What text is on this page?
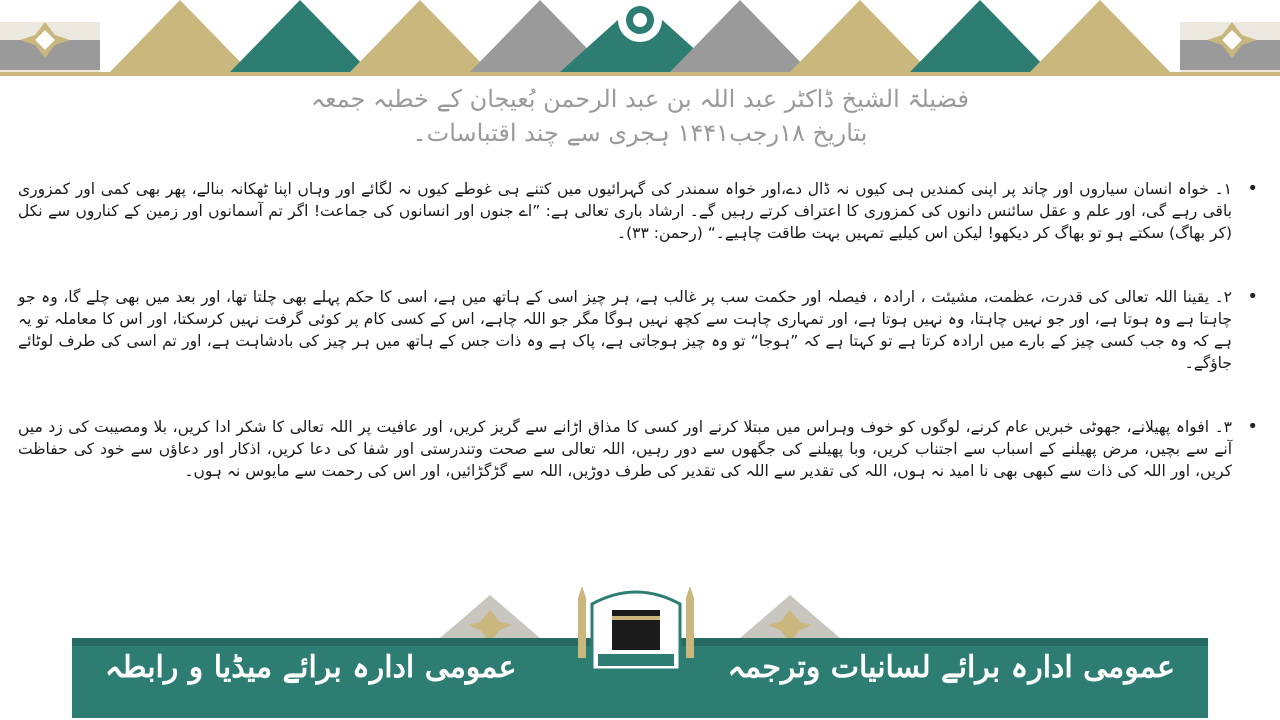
فضیلۃ الشیخ ڈاکٹر عبد اللہ بن عبد الرحمن بُعیجان کے خطبہ جمعہ
بتاریخ ۱۸رجب۱۴۴۱ ہجری سے چند اقتباسات۔
•
۱۔ خواہ انسان سیاروں اور چاند پر اپنی کمندیں ہی کیوں نہ ڈال دے،اور خواہ سمندر کی گہرائیوں میں کتنے ہی غوطے کیوں نہ لگائے اور وہاں اپنا ٹھکانہ بنالے، پھر بھی کمی اور کمزوری باقی رہے گی، اور علم و عقل سائنس دانوں کی کمزوری کا اعتراف کرتے رہیں گے۔ ارشاد باری تعالی ہے: ”اے جنوں اور انسانوں کی جماعت! اگر تم آسمانوں اور زمین کے کناروں سے نکل (کر بھاگ) سکتے ہو تو بھاگ کر دیکھو! لیکن اس کیلیے تمہیں بہت طاقت چاہیے۔“ (رحمن: ۳۳)۔
•
۲۔ یقینا اللہ تعالی کی قدرت، عظمت، مشیئت ، ارادہ ، فیصلہ اور حکمت سب پر غالب ہے، ہر چیز اسی کے ہاتھ میں ہے، اسی کا حکم پہلے بھی چلتا تھا، اور بعد میں بھی چلے گا، وہ جو چاہتا ہے وہ ہوتا ہے، اور جو نہیں چاہتا، وہ نہیں ہوتا ہے، اور تمہاری چاہت سے کچھ نہیں ہوگا مگر جو اللہ چاہے، اس کے کسی کام پر کوئی گرفت نہیں کرسکتا، اور اس کا معاملہ تو یہ ہے کہ وہ جب کسی چیز کے بارے میں ارادہ کرتا ہے تو کہتا ہے کہ ”ہوجا“ تو وہ چیز ہوجاتی ہے، پاک ہے وہ ذات جس کے ہاتھ میں ہر چیز کی بادشاہت ہے، اور تم اسی کی طرف لوٹائے جاؤگے۔
•
۳۔ افواہ پھیلانے، جھوٹی خبریں عام کرنے، لوگوں کو خوف وہراس میں مبتلا کرنے اور کسی کا مذاق اڑانے سے گریز کریں، اور عافیت پر اللہ تعالی کا شکر ادا کریں، بلا ومصیبت کی زد میں آنے سے بچیں، مرض پھیلنے کے اسباب سے اجتناب کریں، وبا پھیلنے کی جگھوں سے دور رہیں، اللہ تعالی سے صحت وتندرستی اور شفا کی دعا کریں، اذکار اور دعاؤں سے خود کی حفاظت کریں، اور اللہ کی ذات سے کبھی بھی نا امید نہ ہوں، اللہ کی تقدیر سے اللہ کی تقدیر کی طرف دوڑیں، اللہ سے گڑگڑائیں، اور اس کی رحمت سے مایوس نہ ہوں۔
عمومی ادارہ برائے میڈیا و رابطہ	عمومی ادارہ برائے لسانیات وترجمہ
